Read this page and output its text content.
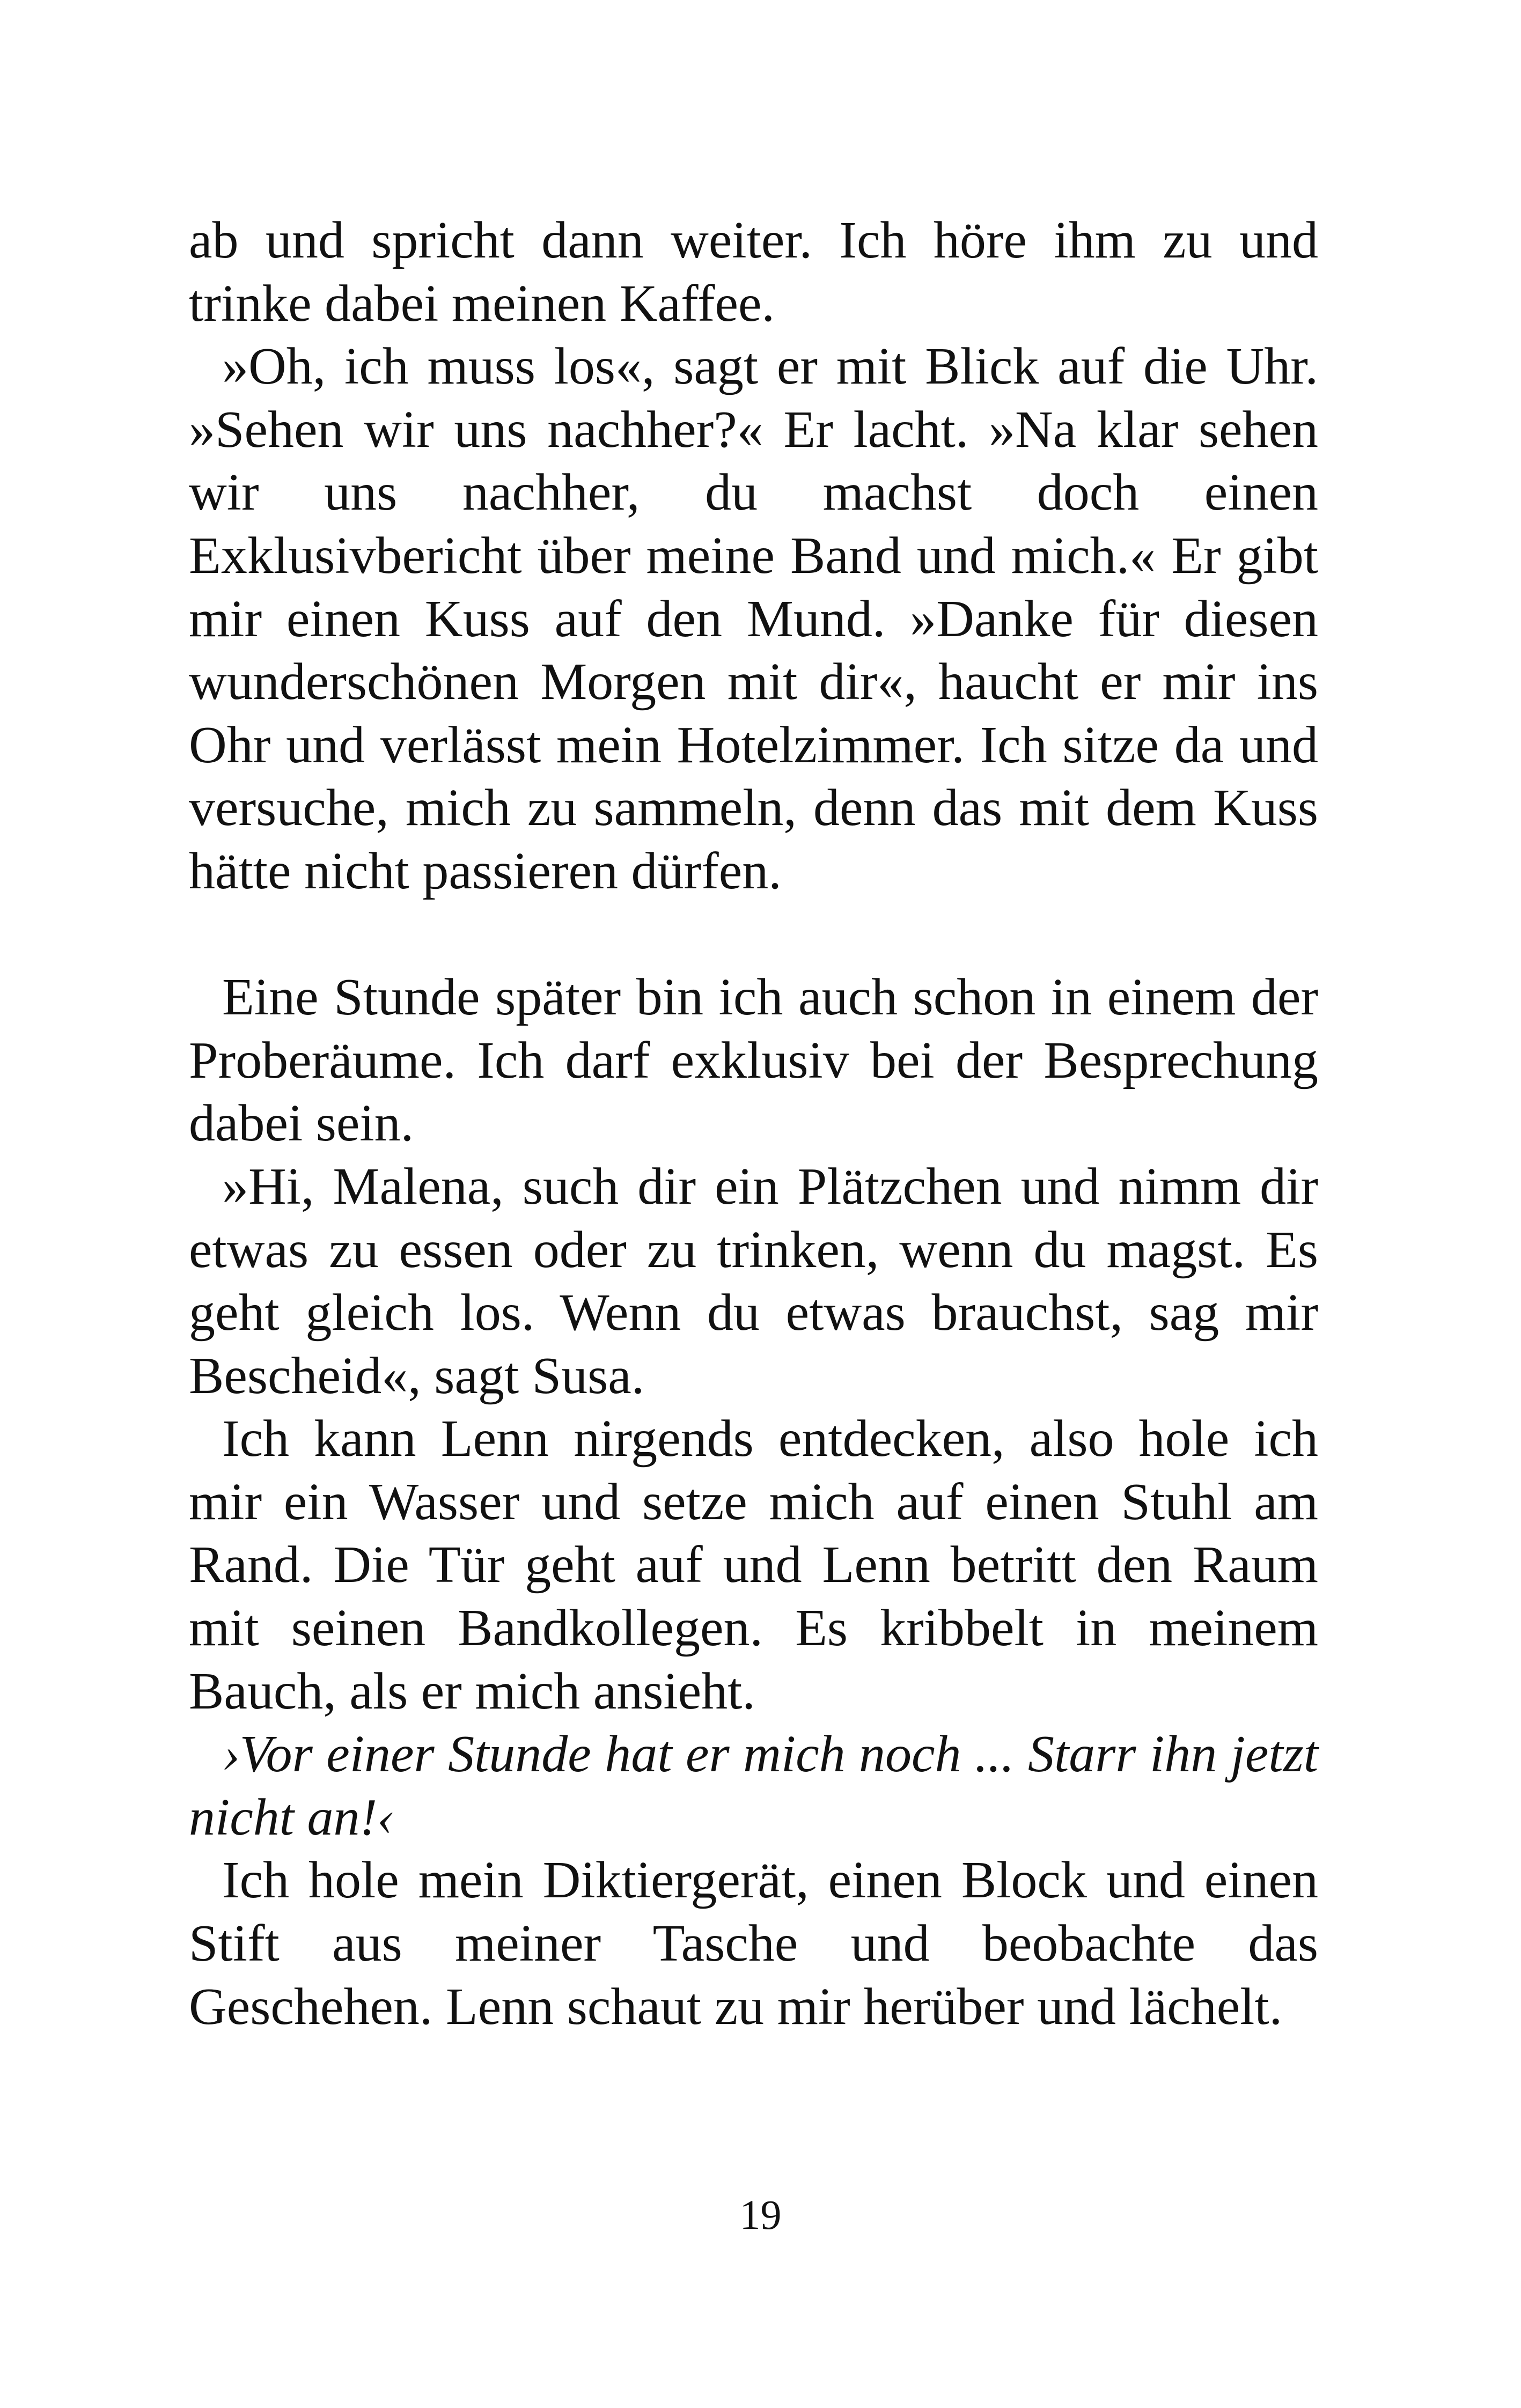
ab und spricht dann weiter. Ich höre ihm zu und trinke dabei meinen Kaffee.

»Oh, ich muss los«, sagt er mit Blick auf die Uhr. »Sehen wir uns nachher?« Er lacht. »Na klar sehen wir uns nachher, du machst doch einen Exklusivbericht über meine Band und mich.« Er gibt mir einen Kuss auf den Mund. »Danke für diesen wunderschönen Morgen mit dir«, haucht er mir ins Ohr und verlässt mein Hotelzimmer. Ich sitze da und versuche, mich zu sammeln, denn das mit dem Kuss hätte nicht passieren dürfen.

Eine Stunde später bin ich auch schon in einem der Proberäume. Ich darf exklusiv bei der Besprechung dabei sein.

»Hi, Malena, such dir ein Plätzchen und nimm dir etwas zu essen oder zu trinken, wenn du magst. Es geht gleich los. Wenn du etwas brauchst, sag mir Bescheid«, sagt Susa.

Ich kann Lenn nirgends entdecken, also hole ich mir ein Wasser und setze mich auf einen Stuhl am Rand. Die Tür geht auf und Lenn betritt den Raum mit seinen Bandkollegen. Es kribbelt in meinem Bauch, als er mich ansieht.

›Vor einer Stunde hat er mich noch ... Starr ihn jetzt nicht an!‹

Ich hole mein Diktiergerät, einen Block und einen Stift aus meiner Tasche und beobachte das Geschehen. Lenn schaut zu mir herüber und lächelt.

19
